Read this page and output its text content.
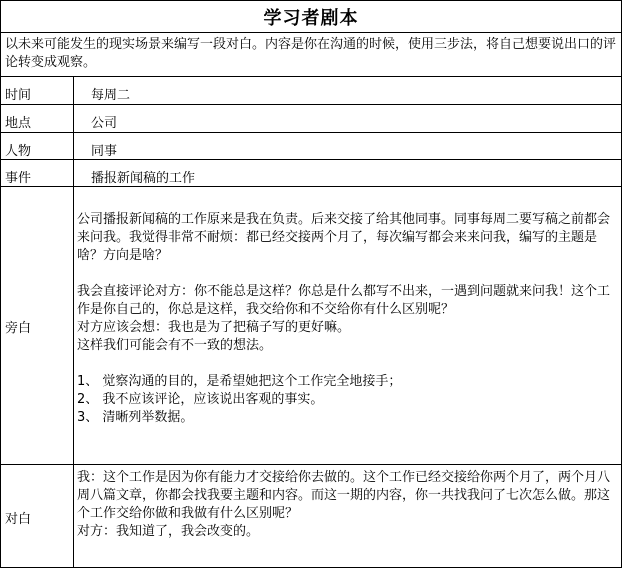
学习者剧本
以未来可能发生的现实场景来编写一段对白。内容是你在沟通的时候，使用三步法，将自己想要说出口的评论转变成观察。
时间	每周二
地点	公司
人物	同事
事件	播报新闻稿的工作
旁白

公司播报新闻稿的工作原来是我在负责。后来交接了给其他同事。同事每周二要写稿之前都会来问我。我觉得非常不耐烦：都已经交接两个月了，每次编写都会来来问我，编写的主题是啥？方向是啥？

我会直接评论对方：你不能总是这样？你总是什么都写不出来，一遇到问题就来问我！这个工作是你自己的，你总是这样，我交给你和不交给你有什么区别呢？

对方应该会想：我也是为了把稿子写的更好嘛。

这样我们可能会有不一致的想法。

1、 觉察沟通的目的，是希望她把这个工作完全地接手；

2、 我不应该评论，应该说出客观的事实。

3、 清晰列举数据。

对白

我：这个工作是因为你有能力才交接给你去做的。这个工作已经交接给你两个月了，两个月八周八篇文章，你都会找我要主题和内容。而这一期的内容，你一共找我问了七次怎么做。那这个工作交给你做和我做有什么区别呢？

对方：我知道了，我会改变的。
